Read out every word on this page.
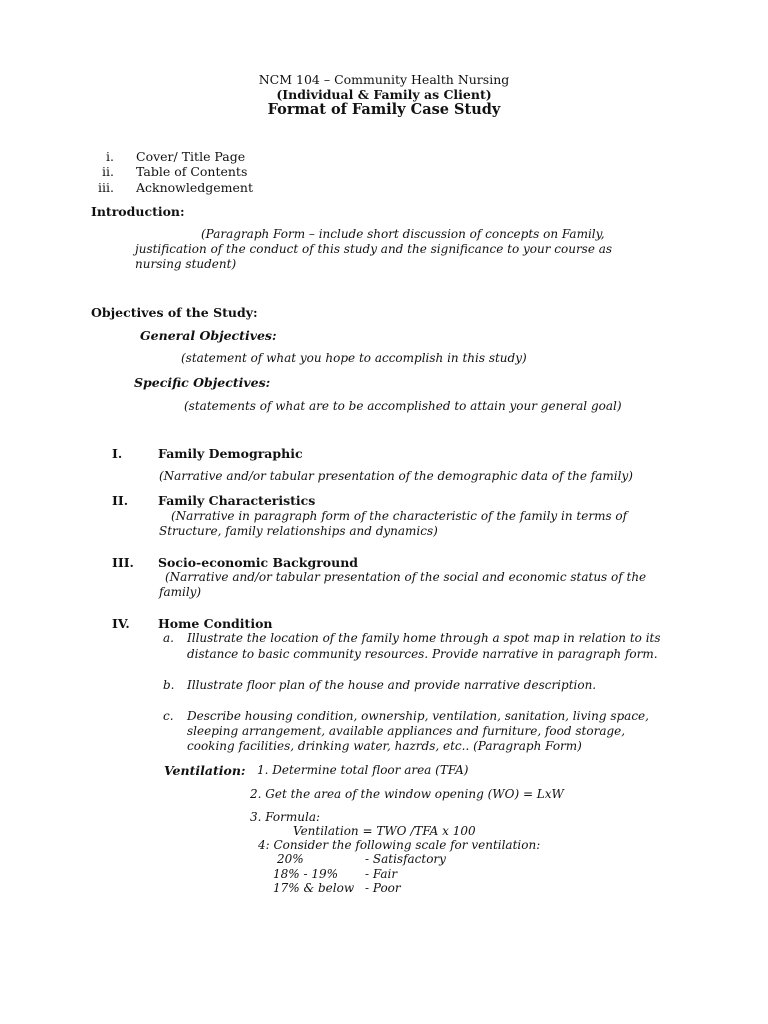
NCM 104 – Community Health Nursing
(Individual & Family as Client)
Format of Family Case Study
i. Cover/ Title Page
ii. Table of Contents
iii. Acknowledgement
Introduction:
(Paragraph Form – include short discussion of concepts on Family,
justification of the conduct of this study and the significance to your course as
nursing student)
Objectives of the Study:
General Objectives:
(statement of what you hope to accomplish in this study)
Specific Objectives:
(statements of what are to be accomplished to attain your general goal)
I.	Family Demographic
(Narrative and/or tabular presentation of the demographic data of the family)
II. Family Characteristics
(Narrative in paragraph form of the characteristic of the family in terms of
Structure, family relationships and dynamics)
III. Socio-economic Background
(Narrative and/or tabular presentation of the social and economic status of the
family)
IV. Home Condition
a. Illustrate the location of the family home through a spot map in relation to its
distance to basic community resources. Provide narrative in paragraph form.
b. Illustrate floor plan of the house and provide narrative description.
c. Describe housing condition, ownership, ventilation, sanitation, living space,
sleeping arrangement, available appliances and furniture, food storage,
cooking facilities, drinking water, hazrds, etc.. (Paragraph Form)
Ventilation: 1. Determine total floor area (TFA)
2. Get the area of the window opening (WO) = LxW
3. Formula:
Ventilation = TWO /TFA x 100
4: Consider the following scale for ventilation:
20%	- Satisfactory
18% - 19% - Fair
17% & below - Poor
